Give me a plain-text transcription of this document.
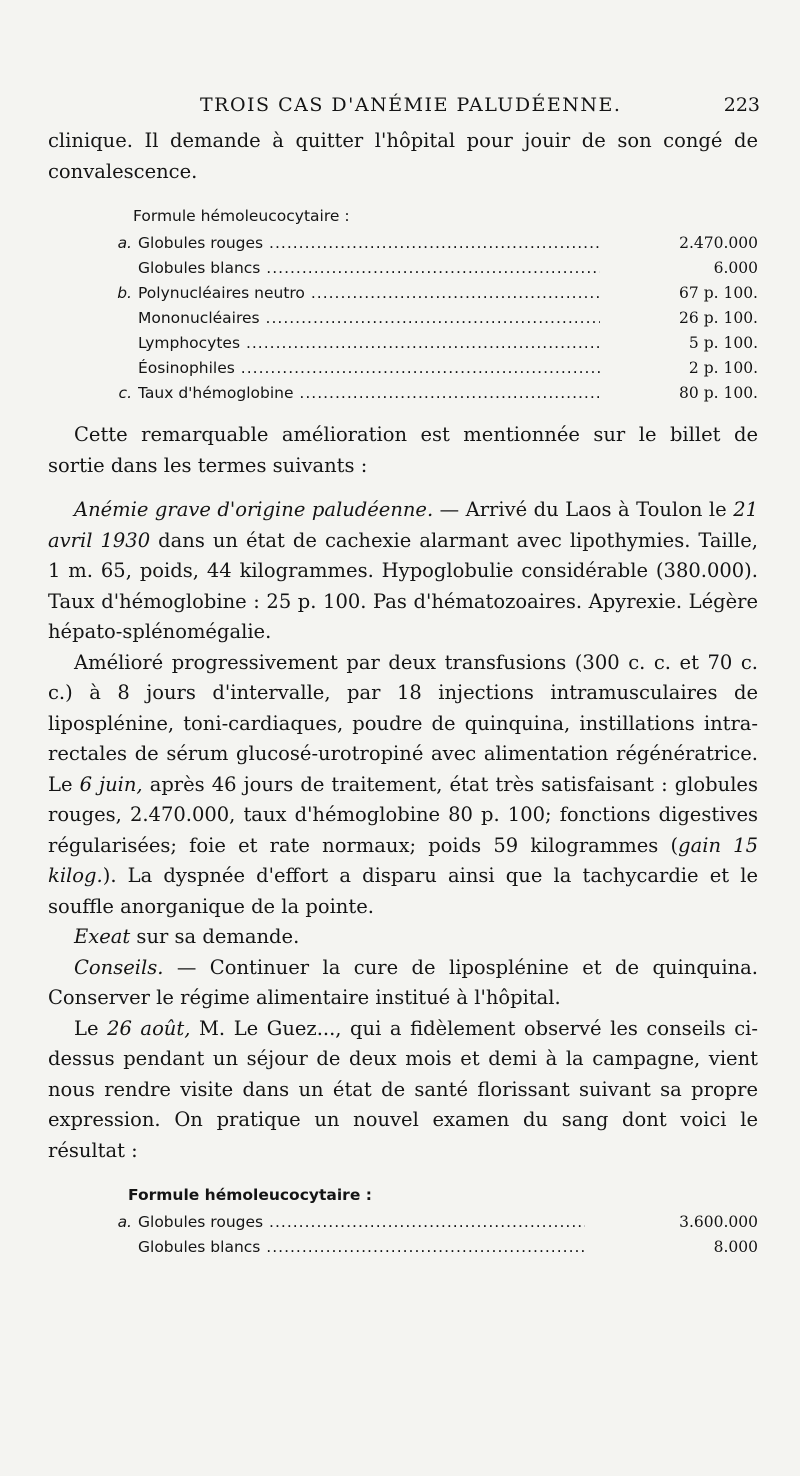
TROIS CAS D'ANÉMIE PALUDÉENNE.	223

clinique. Il demande à quitter l'hôpital pour jouir de son congé de convalescence.

Formule hémoleucocytaire :
a. Globules rouges .....	2.470.000
Globules blancs .....	6.000
b. Polynucléaires neutro .....	67 p. 100.
Mononucléaires .....	26 p. 100.
Lymphocytes .....	5 p. 100.
Éosinophiles .....	2 p. 100.
c. Taux d'hémoglobine .....	80 p. 100.

Cette remarquable amélioration est mentionnée sur le billet de sortie dans les termes suivants :

Anémie grave d'origine paludéenne. — Arrivé du Laos à Toulon le 21 avril 1930 dans un état de cachexie alarmant avec lipothymies. Taille, 1 m. 65, poids, 44 kilogrammes. Hypoglobulie considérable (380.000). Taux d'hémoglobine : 25 p. 100. Pas d'hématozoaires. Apyrexie. Légère hépato-splénomégalie.

Amélioré progressivement par deux transfusions (300 c. c. et 70 c. c.) à 8 jours d'intervalle, par 18 injections intramusculaires de lipospléninе, toni-cardiaques, poudre de quinquina, instillations intra-rectales de sérum glucosé-urotropiné avec alimentation régénératrice. Le 6 juin, après 46 jours de traitement, état très satisfaisant : globules rouges, 2.470.000, taux d'hémoglobine 80 p. 100; fonctions digestives régularisées; foie et rate normaux; poids 59 kilogrammes (gain 15 kilog.). La dyspnée d'effort a disparu ainsi que la tachycardie et le souffle anorganique de la pointe.

Exeat sur sa demande.

Conseils. — Continuer la cure de lipospléninе et de quinquina. Conserver le régime alimentaire institué à l'hôpital.

Le 26 août, M. Le Guez..., qui a fidèlement observé les conseils ci-dessus pendant un séjour de deux mois et demi à la campagne, vient nous rendre visite dans un état de santé florissant suivant sa propre expression. On pratique un nouvel examen du sang dont voici le résultat :

Formule hémoleucocytaire :
a. Globules rouges .....	3.600.000
Globules blancs .....	8.000
